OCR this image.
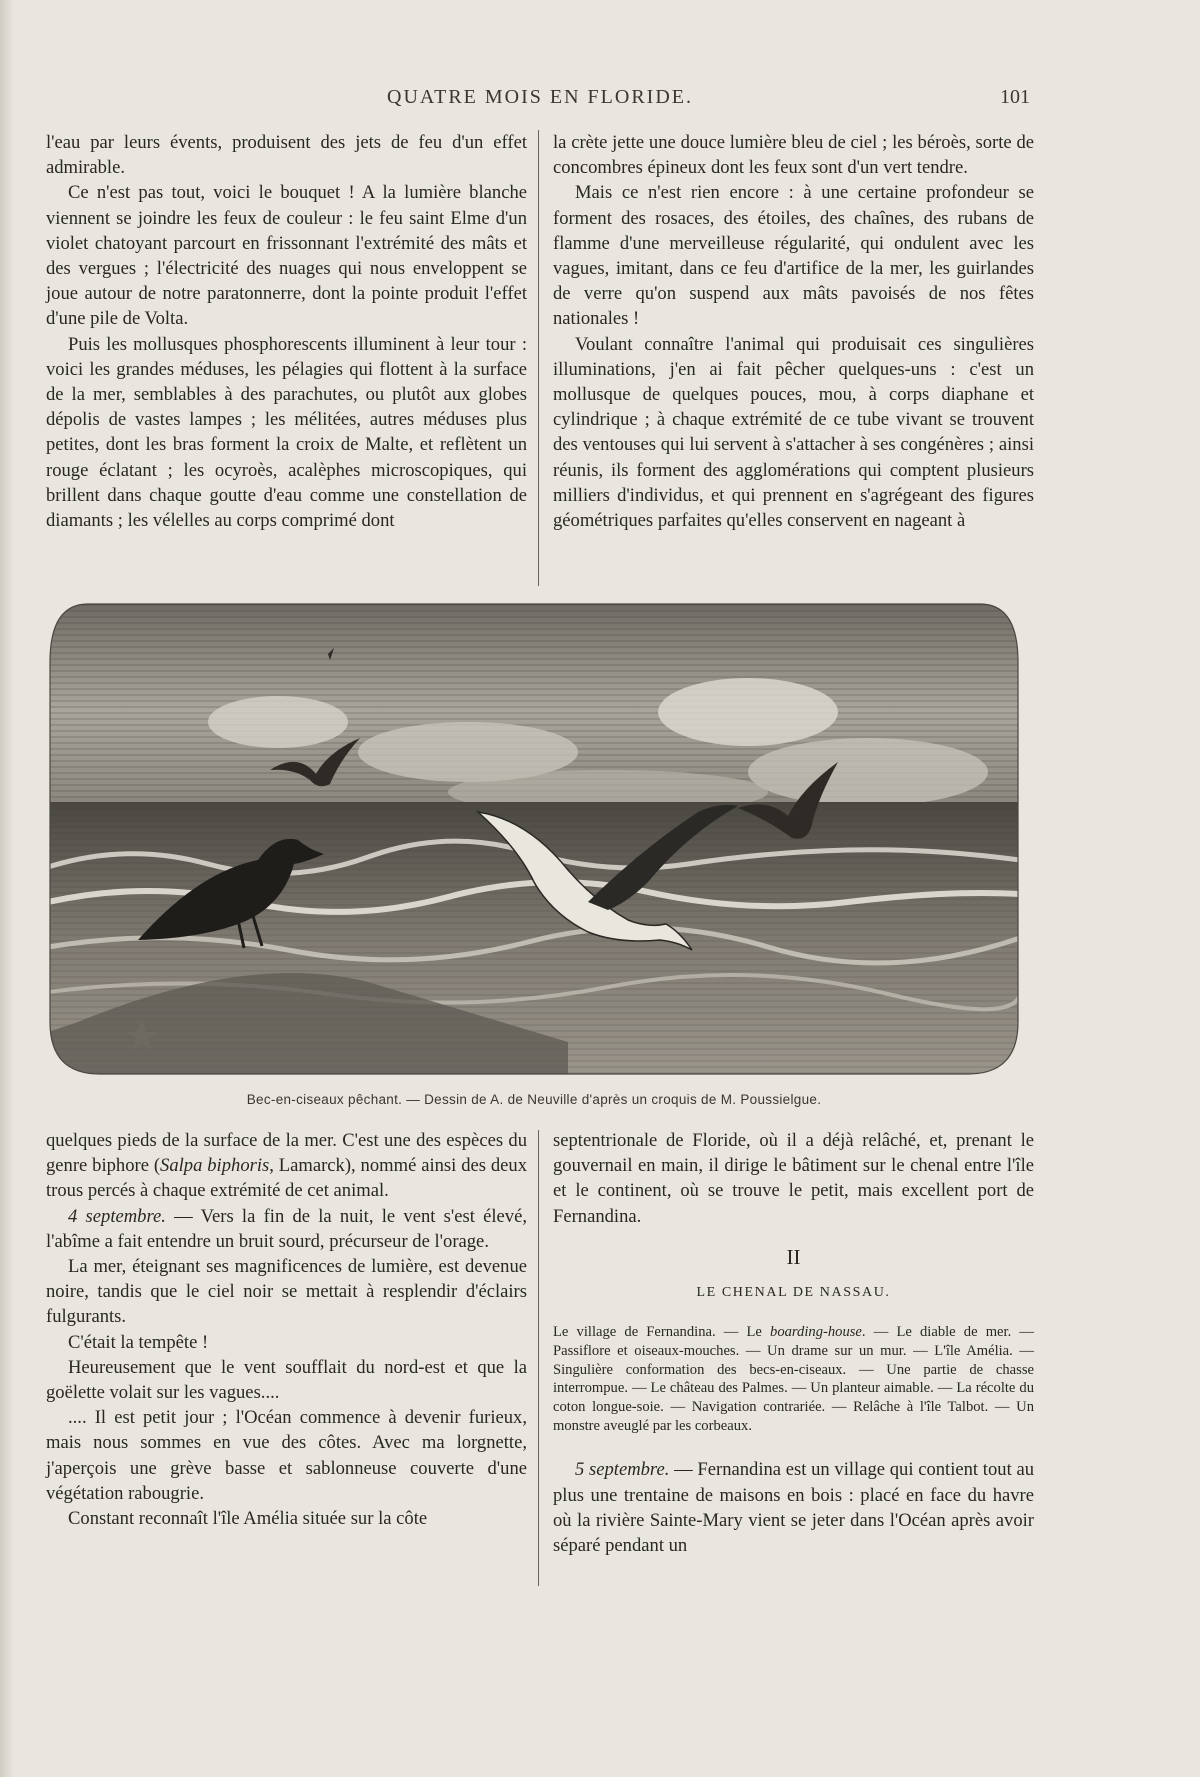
QUATRE MOIS EN FLORIDE.	101

l'eau par leurs évents, produisent des jets de feu d'un effet admirable.

Ce n'est pas tout, voici le bouquet ! A la lumière blanche viennent se joindre les feux de couleur : le feu saint Elme d'un violet chatoyant parcourt en frissonnant l'extrémité des mâts et des vergues ; l'électricité des nuages qui nous enveloppent se joue autour de notre paratonnerre, dont la pointe produit l'effet d'une pile de Volta.

Puis les mollusques phosphorescents illuminent à leur tour : voici les grandes méduses, les pélagies qui flottent à la surface de la mer, semblables à des parachutes, ou plutôt aux globes dépolis de vastes lampes ; les mélitées, autres méduses plus petites, dont les bras forment la croix de Malte, et reflètent un rouge éclatant ; les ocyroès, acalèphes microscopiques, qui brillent dans chaque goutte d'eau comme une constellation de diamants ; les vélelles au corps comprimé dont

la crète jette une douce lumière bleu de ciel ; les béroès, sorte de concombres épineux dont les feux sont d'un vert tendre.

Mais ce n'est rien encore : à une certaine profondeur se forment des rosaces, des étoiles, des chaînes, des rubans de flamme d'une merveilleuse régularité, qui ondulent avec les vagues, imitant, dans ce feu d'artifice de la mer, les guirlandes de verre qu'on suspend aux mâts pavoisés de nos fêtes nationales !

Voulant connaître l'animal qui produisait ces singulières illuminations, j'en ai fait pêcher quelques-uns : c'est un mollusque de quelques pouces, mou, à corps diaphane et cylindrique ; à chaque extrémité de ce tube vivant se trouvent des ventouses qui lui servent à s'attacher à ses congénères ; ainsi réunis, ils forment des agglomérations qui comptent plusieurs milliers d'individus, et qui prennent en s'agrégeant des figures géométriques parfaites qu'elles conservent en nageant à

Bec-en-ciseaux pêchant. — Dessin de A. de Neuville d'après un croquis de M. Poussielgue.

quelques pieds de la surface de la mer. C'est une des espèces du genre biphore (Salpa biphoris, Lamarck), nommé ainsi des deux trous percés à chaque extrémité de cet animal.

4 septembre. — Vers la fin de la nuit, le vent s'est élevé, l'abîme a fait entendre un bruit sourd, précurseur de l'orage.

La mer, éteignant ses magnificences de lumière, est devenue noire, tandis que le ciel noir se mettait à resplendir d'éclairs fulgurants.

C'était la tempête !

Heureusement que le vent soufflait du nord-est et que la goëlette volait sur les vagues....

.... Il est petit jour ; l'Océan commence à devenir furieux, mais nous sommes en vue des côtes. Avec ma lorgnette, j'aperçois une grève basse et sablonneuse couverte d'une végétation rabougrie.

Constant reconnaît l'île Amélia située sur la côte

septentrionale de Floride, où il a déjà relâché, et, prenant le gouvernail en main, il dirige le bâtiment sur le chenal entre l'île et le continent, où se trouve le petit, mais excellent port de Fernandina.

II
LE CHENAL DE NASSAU.
Le village de Fernandina. — Le boarding-house. — Le diable de mer. — Passiflore et oiseaux-mouches. — Un drame sur un mur. — L'île Amélia. — Singulière conformation des becs-en-ciseaux. — Une partie de chasse interrompue. — Le château des Palmes. — Un planteur aimable. — La récolte du coton longue-soie. — Navigation contrariée. — Relâche à l'île Talbot. — Un monstre aveuglé par les corbeaux.

5 septembre. — Fernandina est un village qui contient tout au plus une trentaine de maisons en bois : placé en face du havre où la rivière Sainte-Mary vient se jeter dans l'Océan après avoir séparé pendant un
